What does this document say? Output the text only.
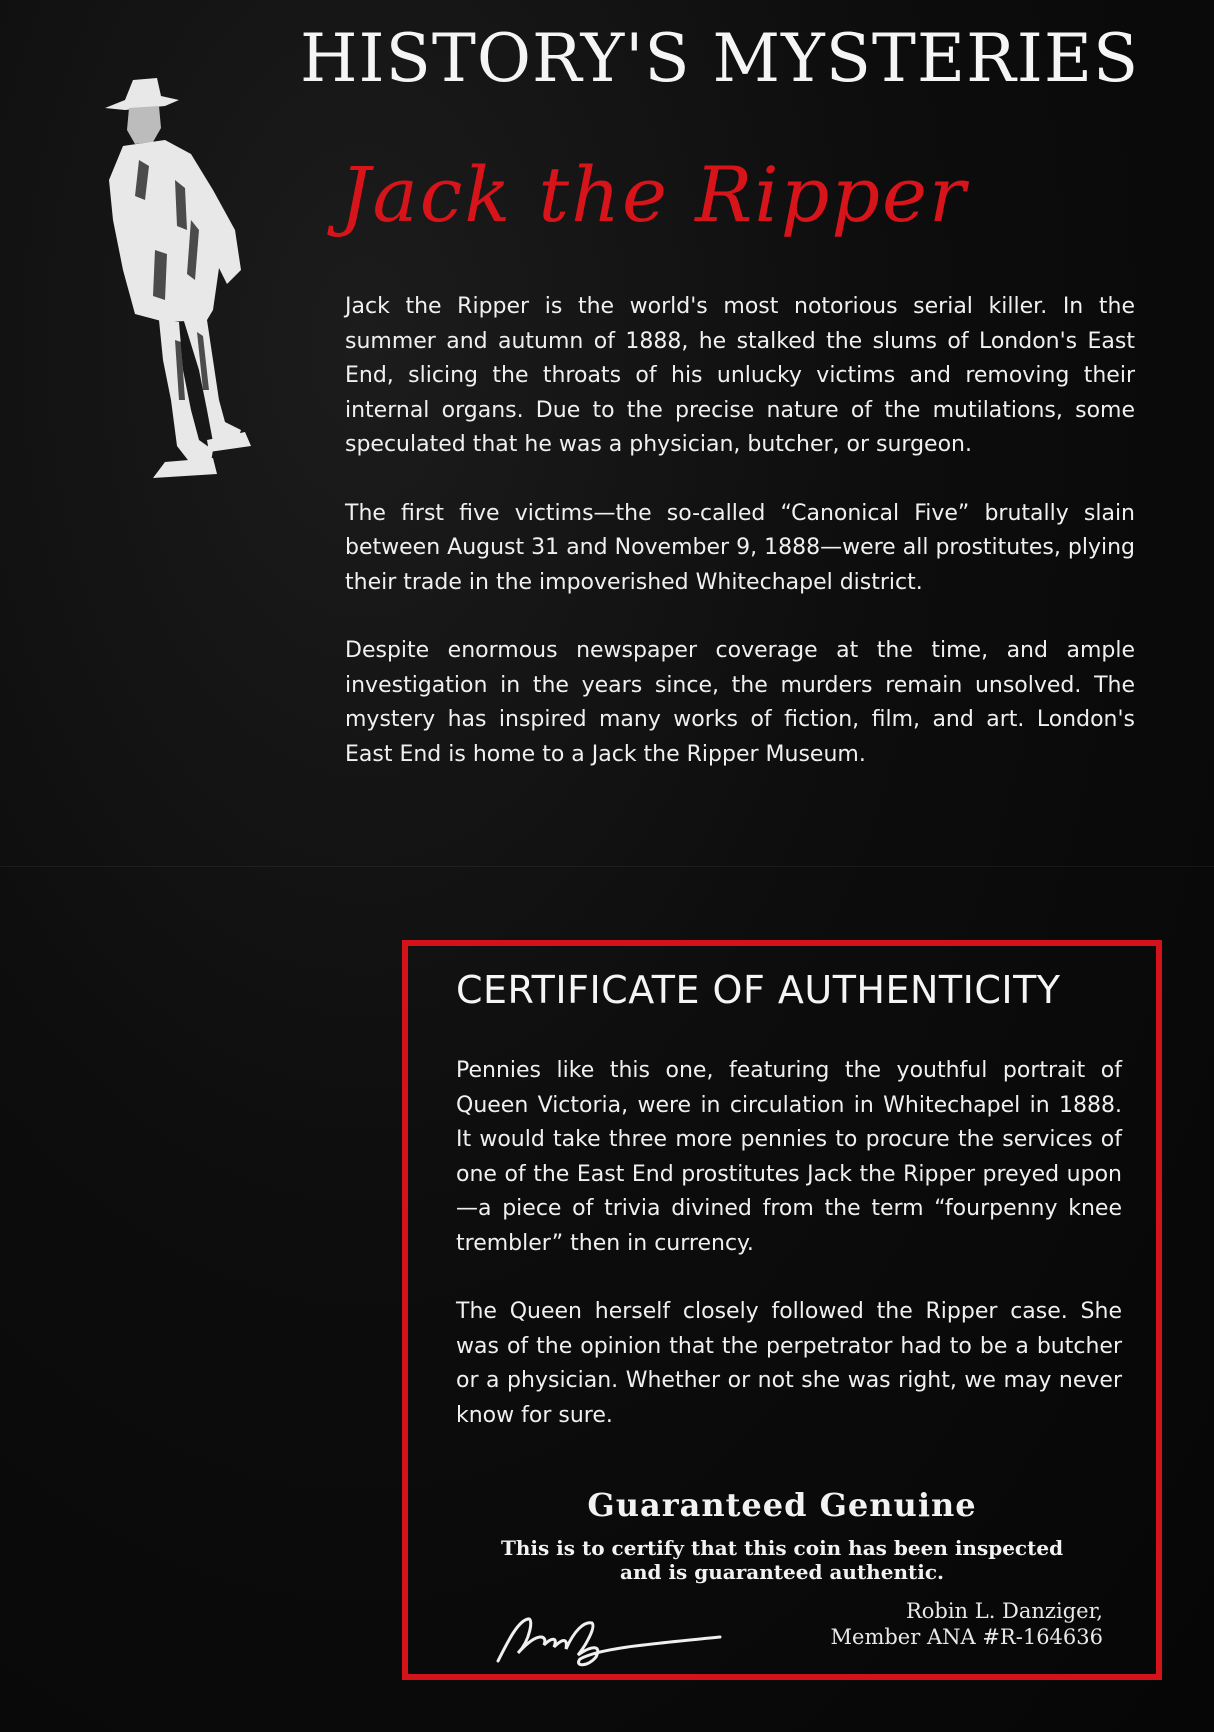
HISTORY'S MYSTERIES
Jack the Ripper

Jack the Ripper is the world's most notorious serial killer. In the summer and autumn of 1888, he stalked the slums of London's East End, slicing the throats of his unlucky victims and removing their internal organs. Due to the precise nature of the mutilations, some speculated that he was a physician, butcher, or surgeon.

The first five victims—the so-called “Canonical Five” brutally slain between August 31 and November 9, 1888—were all prostitutes, plying their trade in the impoverished Whitechapel district.

Despite enormous newspaper coverage at the time, and ample investigation in the years since, the murders remain unsolved. The mystery has inspired many works of fiction, film, and art. London's East End is home to a Jack the Ripper Museum.

CERTIFICATE OF AUTHENTICITY

Pennies like this one, featuring the youthful portrait of Queen Victoria, were in circulation in Whitechapel in 1888. It would take three more pennies to procure the services of one of the East End prostitutes Jack the Ripper preyed upon—a piece of trivia divined from the term “fourpenny knee trembler” then in currency.

The Queen herself closely followed the Ripper case. She was of the opinion that the perpetrator had to be a butcher or a physician. Whether or not she was right, we may never know for sure.

Guaranteed Genuine
This is to certify that this coin has been inspected
and is guaranteed authentic.
Robin L. Danziger,
Member ANA #R-164636
